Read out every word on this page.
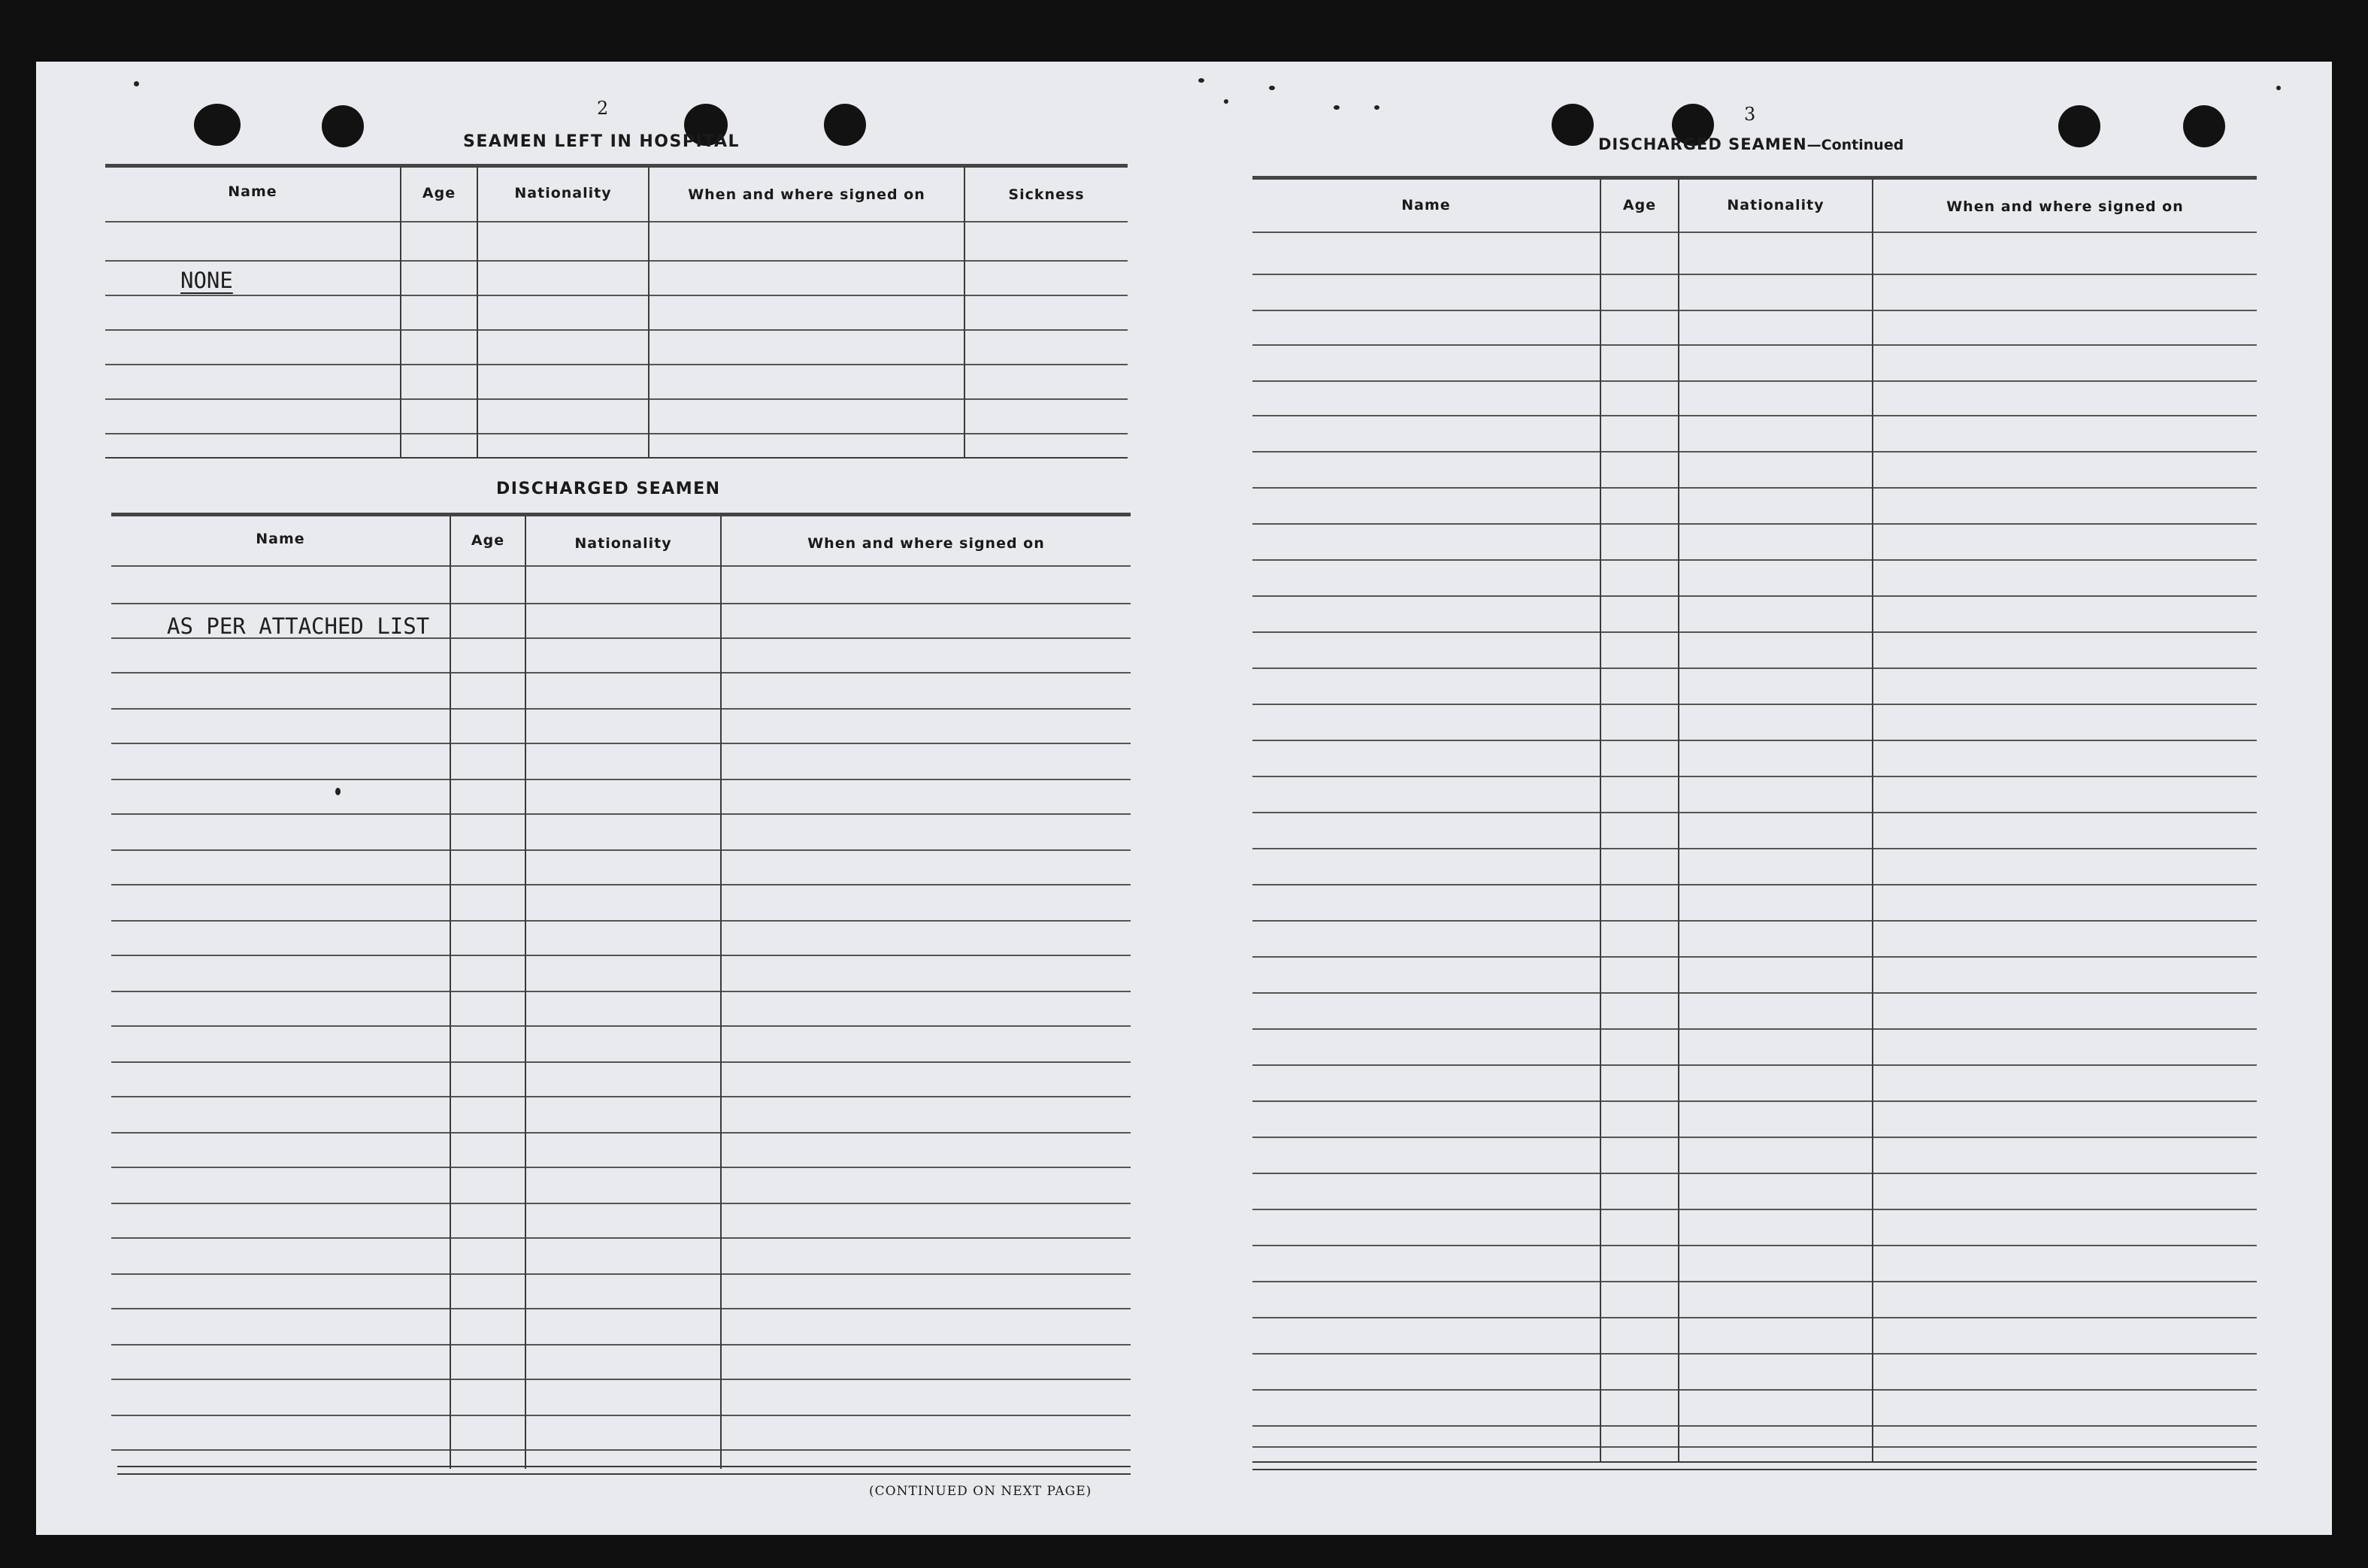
2
SEAMEN LEFT IN HOSPITAL
Name	Age	Nationality	When and where signed on	Sickness
NONE
DISCHARGED SEAMEN
Name	Age	Nationality	When and where signed on
AS PER ATTACHED LIST
(CONTINUED ON NEXT PAGE)
3
DISCHARGED SEAMEN—Continued
Name	Age	Nationality	When and where signed on
